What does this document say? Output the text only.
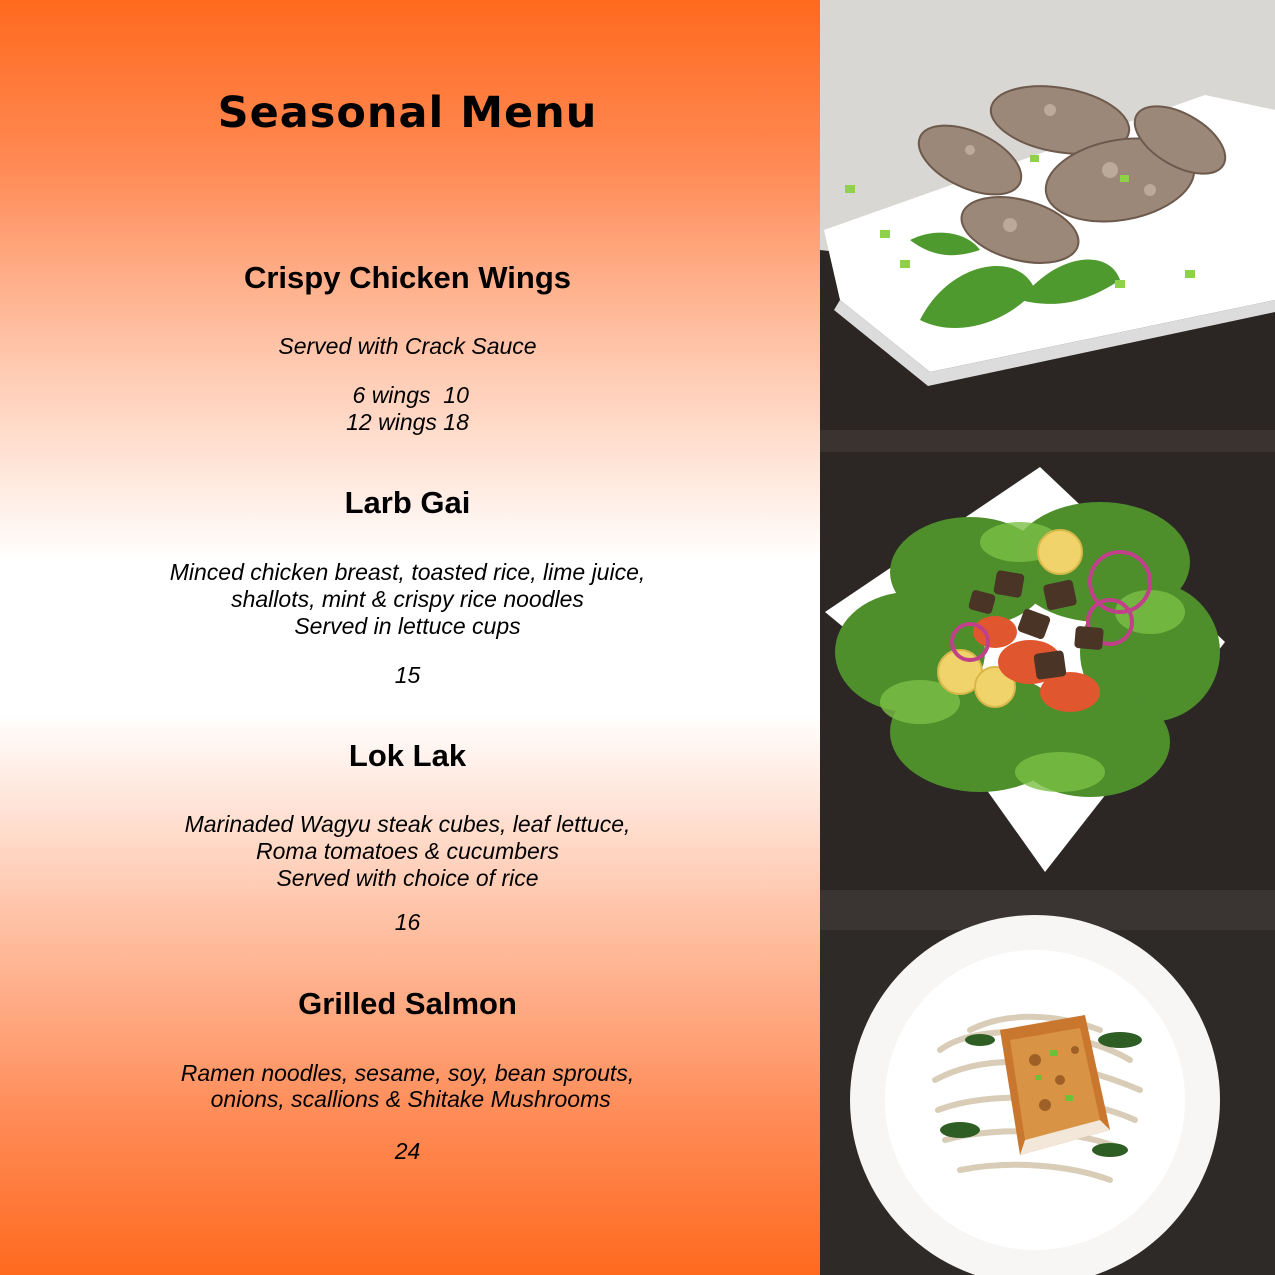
Seasonal Menu
Crispy Chicken Wings
Served with Crack Sauce
6 wings  10
12 wings 18
Larb Gai
Minced chicken breast, toasted rice, lime juice,
shallots, mint & crispy rice noodles
Served in lettuce cups
15
Lok Lak
Marinaded Wagyu steak cubes, leaf lettuce,
Roma tomatoes & cucumbers
Served with choice of rice
16
Grilled Salmon
Ramen noodles, sesame, soy, bean sprouts,
onions, scallions & Shitake Mushrooms
24
